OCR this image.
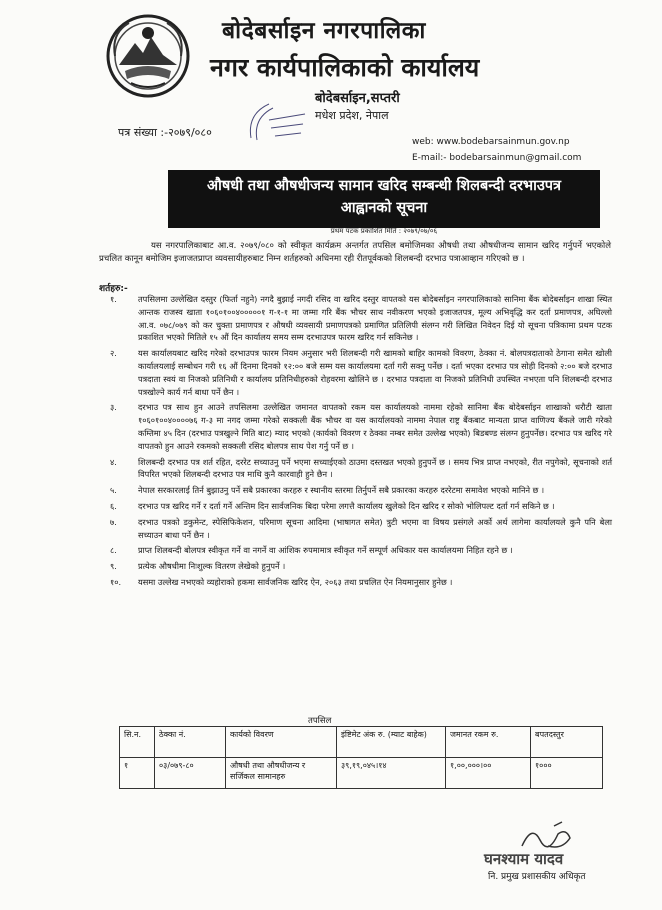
बोदेबर्साइन नगरपालिका
नगर कार्यपालिकाको कार्यालय
बोदेबर्साइन,सप्तरी
मधेश प्रदेश, नेपाल
पत्र संख्या :-२०७९/०८०
web: www.bodebarsainmun.gov.np
E-mail:- bodebarsainmun@gmail.com
औषधी तथा औषधीजन्य सामान खरिद सम्बन्धी शिलबन्दी दरभाउपत्र
आह्वानको सूचना
प्रथम पटक प्रकाशित मिति : २०७९/०७/०६
यस नगरपालिकाबाट आ.व. २०७९/०८० को स्वीकृत कार्यक्रम अन्तर्गत तपसिल बमोजिमका औषधी तथा औषधीजन्य सामान खरिद गर्नुपर्ने भएकोले प्रचलित कानून बमोजिम इजाजतप्राप्त व्यवसायीहरुबाट निम्न शर्तहरुको अधिनमा रही रीतपूर्वकको शिलबन्दी दरभाउ पत्राआव्हान गरिएको छ ।
शर्तहरु:-
१.	तपसिलमा उल्लेखित दस्तुर (फिर्ता नहुने) नगदै बुझाई नगदी रसिद वा खरिद दस्तुर वापतको यस बोदेबर्साइन नगरपालिकाको सानिमा बैंक बोदेबर्साइन शाखा स्थित आन्तक राजस्व खाता १०६०१००४०००००१ ग-१-१ मा जम्मा गरि बैंक भौचर साथ नवीकरण भएको इजाजतपत्र, मूल्य अभिवृद्धि कर दर्ता प्रमाणपत्र, अघिल्लो आ.व. ०७८/०७९ को कर चुक्ता प्रमाणपत्र र औषधी व्यवसायी प्रमाणपत्रको प्रमाणित प्रतिलिपी संलग्न गरी लिखित निवेदन दिई यो सूचना पत्रिकामा प्रथम पटक प्रकाशित भएको मितिले १५ औं दिन कार्यालय समय सम्म दरभाउपत्र फारम खरिद गर्न सकिनेछ ।
२.	यस कार्यालयबाट खरिद गरेको दरभाउपत्र फारम नियम अनुसार भरी शिलबन्दी गरी खामको बाहिर कामको विवरण, ठेक्का नं. बोलपत्रदाताको ठेगाना समेत खोली कार्यालयलाई सम्बोधन गरी १६ औं दिनमा दिनको १२:०० बजे सम्म यस कार्यालयमा दर्ता गरी सक्नु पर्नेछ । दर्ता भएका दरभाउ पत्र सोही दिनको २:०० बजे दरभाउ पत्रदाता स्वयं वा निजको प्रतिनिधी र कार्यालय प्रतिनिधीहरुको रोहवरमा खोलिने छ । दरभाउ पत्रदाता वा निजको प्रतिनिधी उपस्थित नभएता पनि शिलबन्दी दरभाउ पत्रखोल्ने कार्य गर्न बाधा पर्ने छैन ।
३.	दरभाउ पत्र साथ हुन आउने तपसिलमा उल्लेखित जमानत वापतको रकम यस कार्यालयको नाममा रहेको सानिमा बैंक बोदेबर्साइन शाखाको धरौटी खाता १०६०१००४००००७६ ग-३ मा नगद जम्मा गरेको सक्कली बैंक भौचर वा यस कार्यालयको नाममा नेपाल राष्ट्र बैंकबाट मान्यता प्राप्त वाणिज्य बैंकले जारी गरेको कम्तिमा ४५ दिन (दरभाउ पत्रखुल्ने मिति बाट) म्याद भएको (कार्यको विवरण र ठेक्का नम्बर समेत उल्लेख भएको) बिडबण्ड संलग्न हुनुपर्नेछ। दरभाउ पत्र खरिद गरे वापतको हुन आउने रकमको सक्कली रसिद बोलपत्र साथ पेश गर्नु पर्ने छ ।
४.	शिलबन्दी दरभाउ पत्र शर्त रहित, दररेट सच्याउनु पर्ने भएमा सच्याईएको ठाउमा दस्तखत भएको हुनुपर्ने छ । समय भित्र प्राप्त नभएको, रीत नपुगेको, सूचनाको शर्त विपरित भएको शिलबन्दी दरभाउ पत्र माथि कुनै कारवाही हुने छैन ।
५.	नेपाल सरकारलाई तिर्न बुझाउनु पर्ने सबै प्रकारका करहरु र स्थानीय स्तरमा तिर्नुपर्ने सबै प्रकारका करहरु दररेटमा समावेश भएको मानिने छ ।
६.	दरभाउ पत्र खरिद गर्ने र दर्ता गर्ने अन्तिम दिन सार्वजनिक बिदा परेमा लगत्तै कार्यालय खुलेको दिन खरिद र सोको भोलिपल्ट दर्ता गर्न सकिने छ ।
७.	दरभाउ पत्रको डकुमेन्ट, स्पेसिफिकेशन, परिमाण सूचना आदिमा (भाषागत समेत) त्रुटी भएमा वा विषय प्रसंगले अर्को अर्थ लागेमा कार्यालयले कुनै पनि बेला सच्याउन बाधा पर्ने छैन ।
८.	प्राप्त शिलबन्दी बोलपत्र स्वीकृत गर्ने वा नगर्ने वा आंशिक रुपमामात्र स्वीकृत गर्ने सम्पूर्ण अधिकार यस कार्यालयमा निहित रहने छ ।
९.	प्रत्येक औषधीमा निःशुल्क वितरण लेखेको हुनुपर्ने ।
१०. यसमा उल्लेख नभएको व्यहोराको हकमा सार्वजनिक खरिद ऐन, २०६३ तथा प्रचलित ऐन नियमानुसार हुनेछ ।
तपसिल
सि.न.	ठेक्का नं.	कार्यको विवरण	इंष्टिमेट अंक रु. (म्याट बाहेक)	जमानत रकम रु.	बपतदस्तुर
१	०३/०७९-८०	औषधी तथा औषधीजन्य र सर्जिकल सामानहरु	३९,१९,०४५।१४	१,००,०००।००	१०००
घनश्याम यादव
नि. प्रमुख प्रशासकीय अधिकृत
